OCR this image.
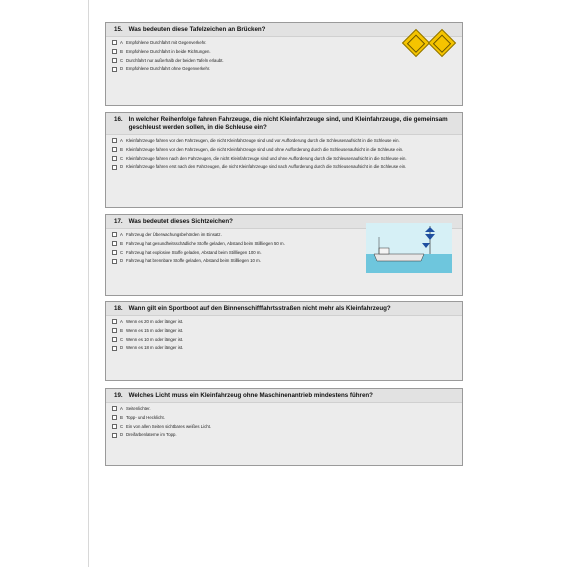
15. Was bedeuten diese Tafelzeichen an Brücken?
A Empfohlene Durchfahrt mit Gegenverkehr.
B Empfohlene Durchfahrt in beide Richtungen.
C Durchfahrt nur außerhalb der beiden Tafeln erlaubt.
D Empfohlene Durchfahrt ohne Gegenverkehr.
16. In welcher Reihenfolge fahren Fahrzeuge, die nicht Kleinfahrzeuge sind, und Kleinfahrzeuge, die gemeinsam geschleust werden sollen, in die Schleuse ein?
A Kleinfahrzeuge fahren vor den Fahrzeugen, die nicht Kleinfahrzeuge sind und vor Aufforderung durch die Schleusenaufsicht in die Schleuse ein.
B Kleinfahrzeuge fahren vor den Fahrzeugen, die nicht Kleinfahrzeuge sind und ohne Aufforderung durch die Schleusenaufsicht in die Schleuse ein.
C Kleinfahrzeuge fahren nach den Fahrzeugen, die nicht Kleinfahrzeuge sind und ohne Aufforderung durch die Schleusenaufsicht in die Schleuse ein.
D Kleinfahrzeuge fahren erst nach den Fahrzeugen, die nicht Kleinfahrzeuge sind nach Aufforderung durch die Schleusenaufsicht in die Schleuse ein.
17. Was bedeutet dieses Sichtzeichen?
A Fahrzeug der Überwachungsbehörden im Einsatz.
B Fahrzeug hat gesundheitsschädliche Stoffe geladen, Abstand beim Stillliegen 50 m.
C Fahrzeug hat explosive Stoffe geladen, Abstand beim Stillliegen 100 m.
D Fahrzeug hat brennbare Stoffe geladen, Abstand beim Stillliegen 10 m.
18. Wann gilt ein Sportboot auf den Binnenschifffahrtsstraßen nicht mehr als Kleinfahrzeug?
A Wenn es 20 m oder länger ist.
B Wenn es 15 m oder länger ist.
C Wenn es 10 m oder länger ist.
D Wenn es 18 m oder länger ist.
19. Welches Licht muss ein Kleinfahrzeug ohne Maschinenantrieb mindestens führen?
A Seitenlichter.
B Topp- und Hecklicht.
C Ein von allen Seiten sichtbares weißes Licht.
D Dreifarbenlaterne im Topp.
